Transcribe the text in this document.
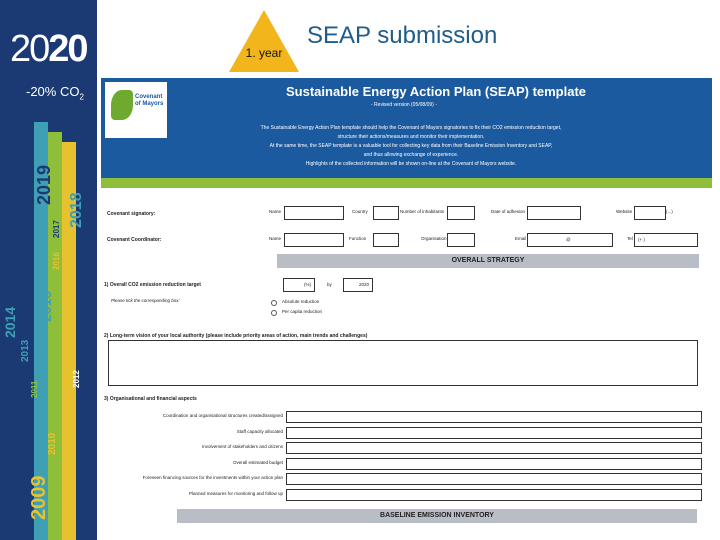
2020
-20% $CO_2$
2009
2010
2011
2012
2013
2014
2015
2016
2017
2018
2019
1. year
SEAP submission
Covenant
of Mayors
Sustainable Energy Action Plan (SEAP) template
- Revised version (05/08/09) -
The Sustainable Energy Action Plan template should help the Covenant of Mayors signatories to fix their CO2 emission reduction target,
structure their actions/measures and monitor their implementation.
At the same time, the SEAP template is a valuable tool for collecting key data from their Baseline Emission Inventory and SEAP,
and thus allowing exchange of experience.
Highlights of the collected information will be shown on-line at the Covenant of Mayors website.
Covenant signatory:	Name	Country	Number of inhabitants	Date of adhesion	Website	(...)
Covenant Coordinator:	Name	Function	Organisation	Email	@	Tel (+ )
OVERALL STRATEGY
1) Overall CO2 emission reduction target	(%)	by	2020
Please tick the corresponding box:	Absolute reduction
Per capita reduction
2) Long-term vision of your local authority (please include priority areas of action, main trends and challenges)
3) Organisational and financial aspects
Coordination and organisational structures created/assigned
Staff capacity allocated
Involvement of stakeholders and citizens
Overall estimated budget
Foreseen financing sources for the investments within your action plan
Planned measures for monitoring and follow up
BASELINE EMISSION INVENTORY
